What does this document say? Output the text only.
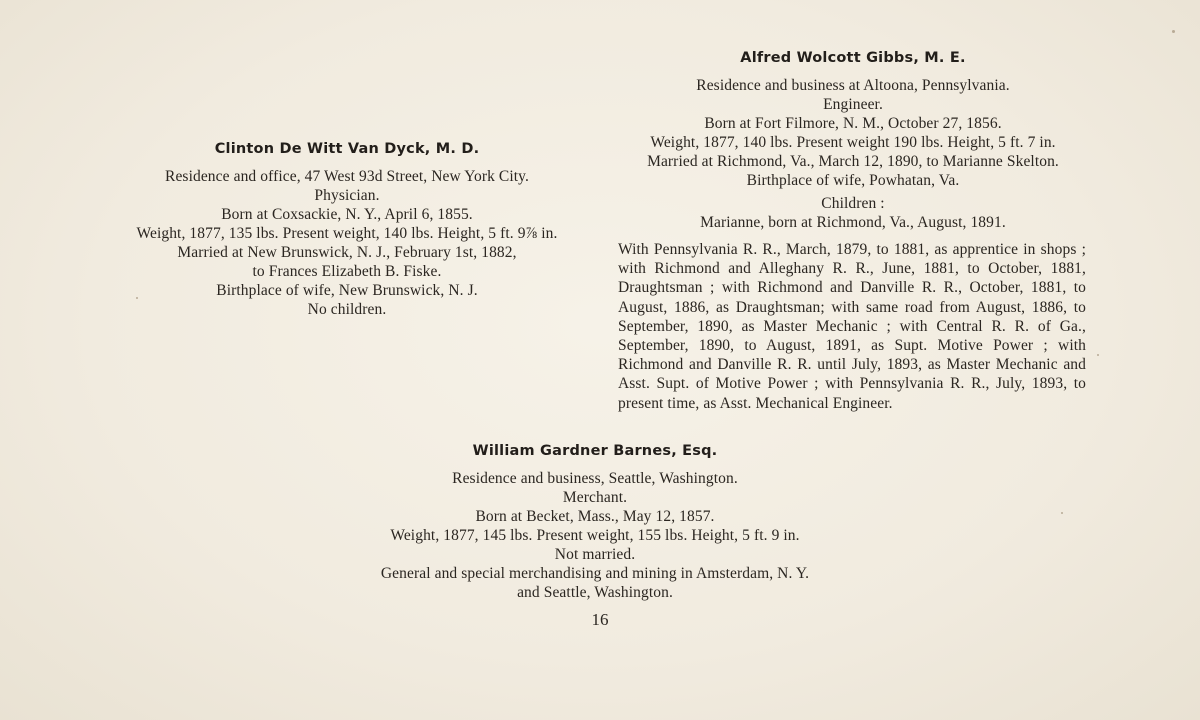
Clinton De Witt Van Dyck, M. D.
Residence and office, 47 West 93d Street, New York City.
Physician.
Born at Coxsackie, N. Y., April 6, 1855.
Weight, 1877, 135 lbs. Present weight, 140 lbs. Height, 5 ft. 9⅞ in.
Married at New Brunswick, N. J., February 1st, 1882,
to Frances Elizabeth B. Fiske.
Birthplace of wife, New Brunswick, N. J.
No children.
Alfred Wolcott Gibbs, M. E.
Residence and business at Altoona, Pennsylvania.
Engineer.
Born at Fort Filmore, N. M., October 27, 1856.
Weight, 1877, 140 lbs. Present weight 190 lbs. Height, 5 ft. 7 in.
Married at Richmond, Va., March 12, 1890, to Marianne Skelton.
Birthplace of wife, Powhatan, Va.
Children :
Marianne, born at Richmond, Va., August, 1891.

With Pennsylvania R. R., March, 1879, to 1881, as apprentice in shops ; with Richmond and Alleghany R. R., June, 1881, to October, 1881, Draughtsman ; with Richmond and Danville R. R., October, 1881, to August, 1886, as Draughtsman; with same road from August, 1886, to September, 1890, as Master Mechanic ; with Central R. R. of Ga., September, 1890, to August, 1891, as Supt. Motive Power ; with Richmond and Danville R. R. until July, 1893, as Master Mechanic and Asst. Supt. of Motive Power ; with Pennsylvania R. R., July, 1893, to present time, as Asst. Mechanical Engineer.

William Gardner Barnes, Esq.
Residence and business, Seattle, Washington.
Merchant.
Born at Becket, Mass., May 12, 1857.
Weight, 1877, 145 lbs. Present weight, 155 lbs. Height, 5 ft. 9 in.
Not married.
General and special merchandising and mining in Amsterdam, N. Y.
and Seattle, Washington.
16
